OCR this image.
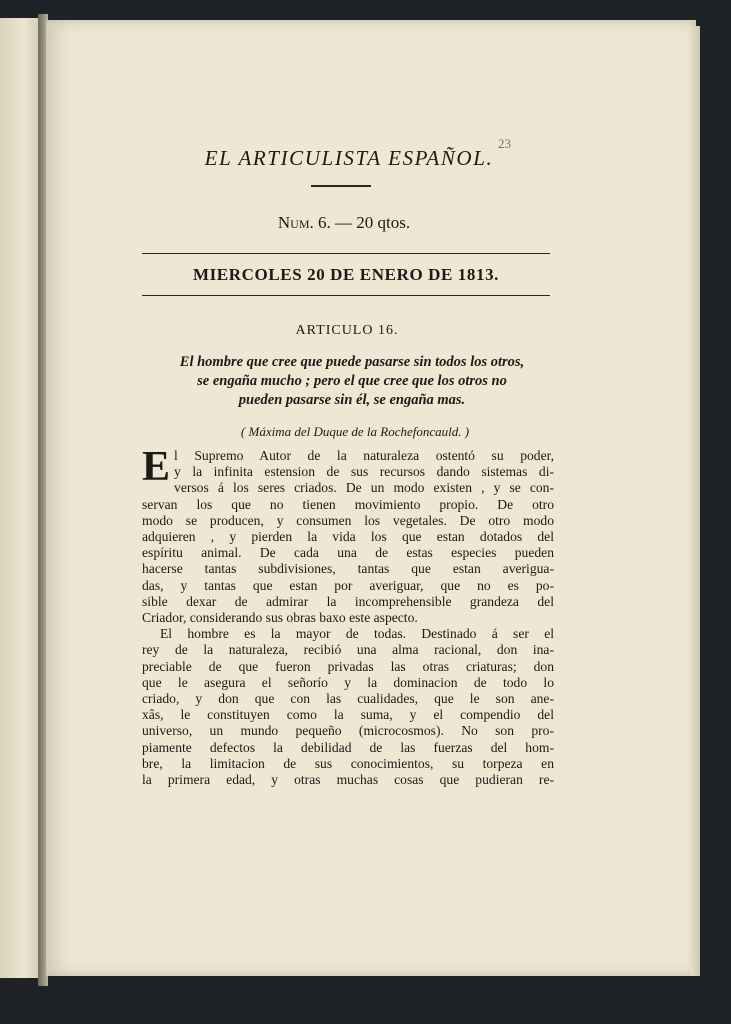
EL ARTICULISTA ESPAÑOL.
Num. 6. — 20 qtos.
MIERCOLES 20 DE ENERO DE 1813.
ARTICULO 16.
El hombre que cree que puede pasarse sin todos los otros,
se engaña mucho ; pero el que cree que los otros no
pueden pasarse sin él, se engaña mas.
( Máxima del Duque de la Rochefoncauld. )
E l Supremo Autor de la naturaleza ostentó su poder,
y la infinita estension de sus recursos dando sistemas di-
versos á los seres criados. De un modo existen , y se con-
servan los que no tienen movimiento propio. De otro
modo se producen, y consumen los vegetales. De otro modo
adquieren , y pierden la vida los que estan dotados del
espíritu animal. De cada una de estas especies pueden
hacerse tantas subdivisiones, tantas que estan averigua-
das, y tantas que estan por averiguar, que no es po-
sible dexar de admirar la incomprehensible grandeza del
Criador, considerando sus obras baxo este aspecto.
El hombre es la mayor de todas. Destinado á ser el
rey de la naturaleza, recibió una alma racional, don ina-
preciable de que fueron privadas las otras criaturas; don
que le asegura el señorío y la dominacion de todo lo
criado, y don que con las cualidades, que le son ane-
xâs, le constituyen como la suma, y el compendio del
universo, un mundo pequeño (microcosmos). No son pro-
piamente defectos la debilidad de las fuerzas del hom-
bre, la limitacion de sus conocimientos, su torpeza en
la primera edad, y otras muchas cosas que pudieran re-
23
